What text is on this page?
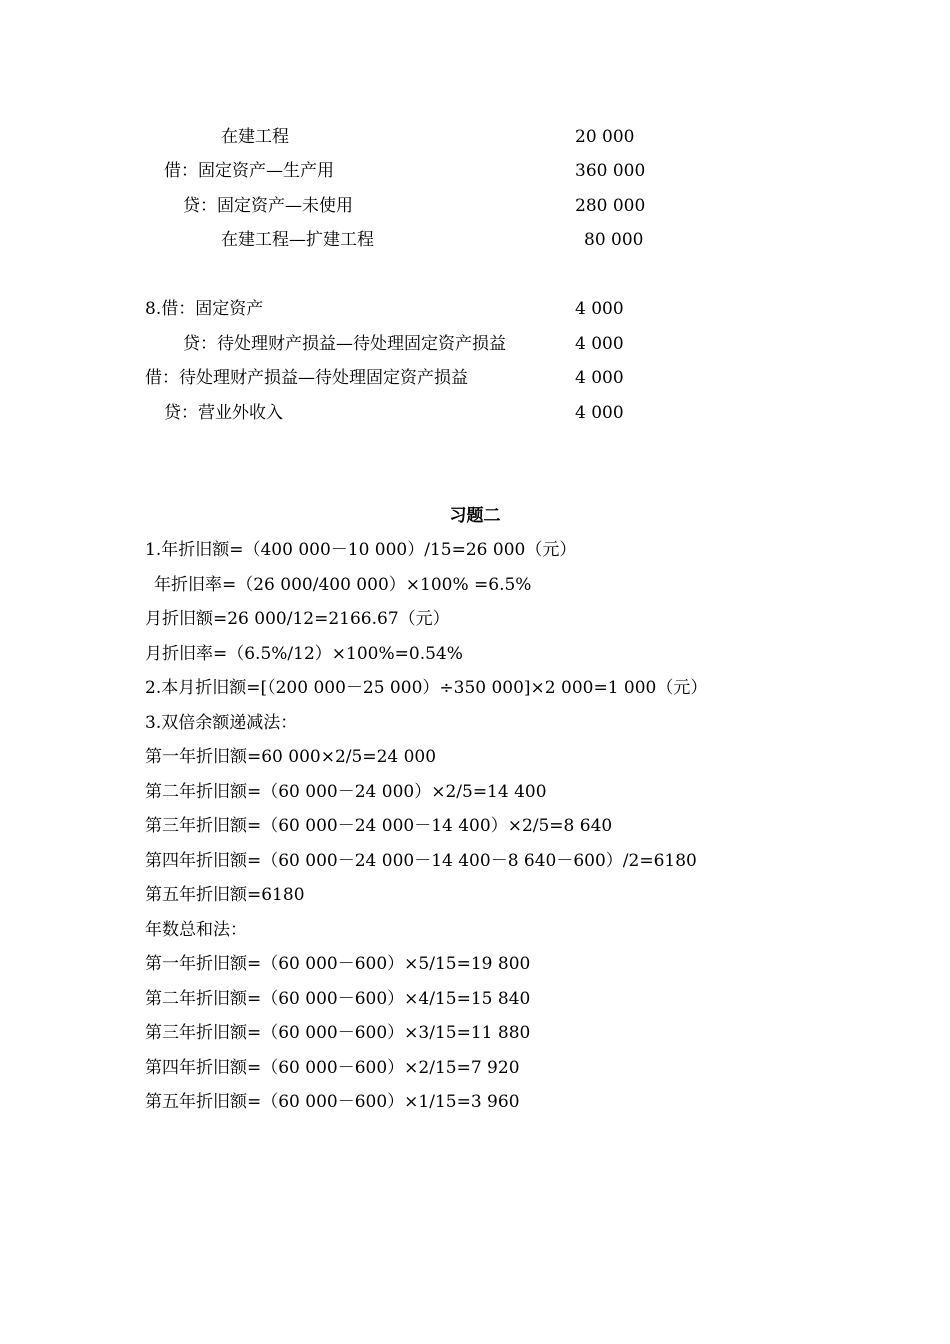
在建工程	20 000
借：固定资产—生产用	360 000
贷：固定资产—未使用	280 000
在建工程—扩建工程	80 000
8.借：固定资产	4 000
贷：待处理财产损益—待处理固定资产损益	4 000
借：待处理财产损益—待处理固定资产损益	4 000
贷：营业外收入	4 000
习题二
1.年折旧额=（400 000－10 000）/15=26 000（元）
年折旧率=（26 000/400 000）×100% =6.5%
月折旧额=26 000/12=2166.67（元）
月折旧率=（6.5%/12）×100%=0.54%
2.本月折旧额=[（200 000－25 000）÷350 000]×2 000=1 000（元）
3.双倍余额递减法：
第一年折旧额=60 000×2/5=24 000
第二年折旧额=（60 000－24 000）×2/5=14 400
第三年折旧额=（60 000－24 000－14 400）×2/5=8 640
第四年折旧额=（60 000－24 000－14 400－8 640－600）/2=6180
第五年折旧额=6180
年数总和法：
第一年折旧额=（60 000－600）×5/15=19 800
第二年折旧额=（60 000－600）×4/15=15 840
第三年折旧额=（60 000－600）×3/15=11 880
第四年折旧额=（60 000－600）×2/15=7 920
第五年折旧额=（60 000－600）×1/15=3 960
